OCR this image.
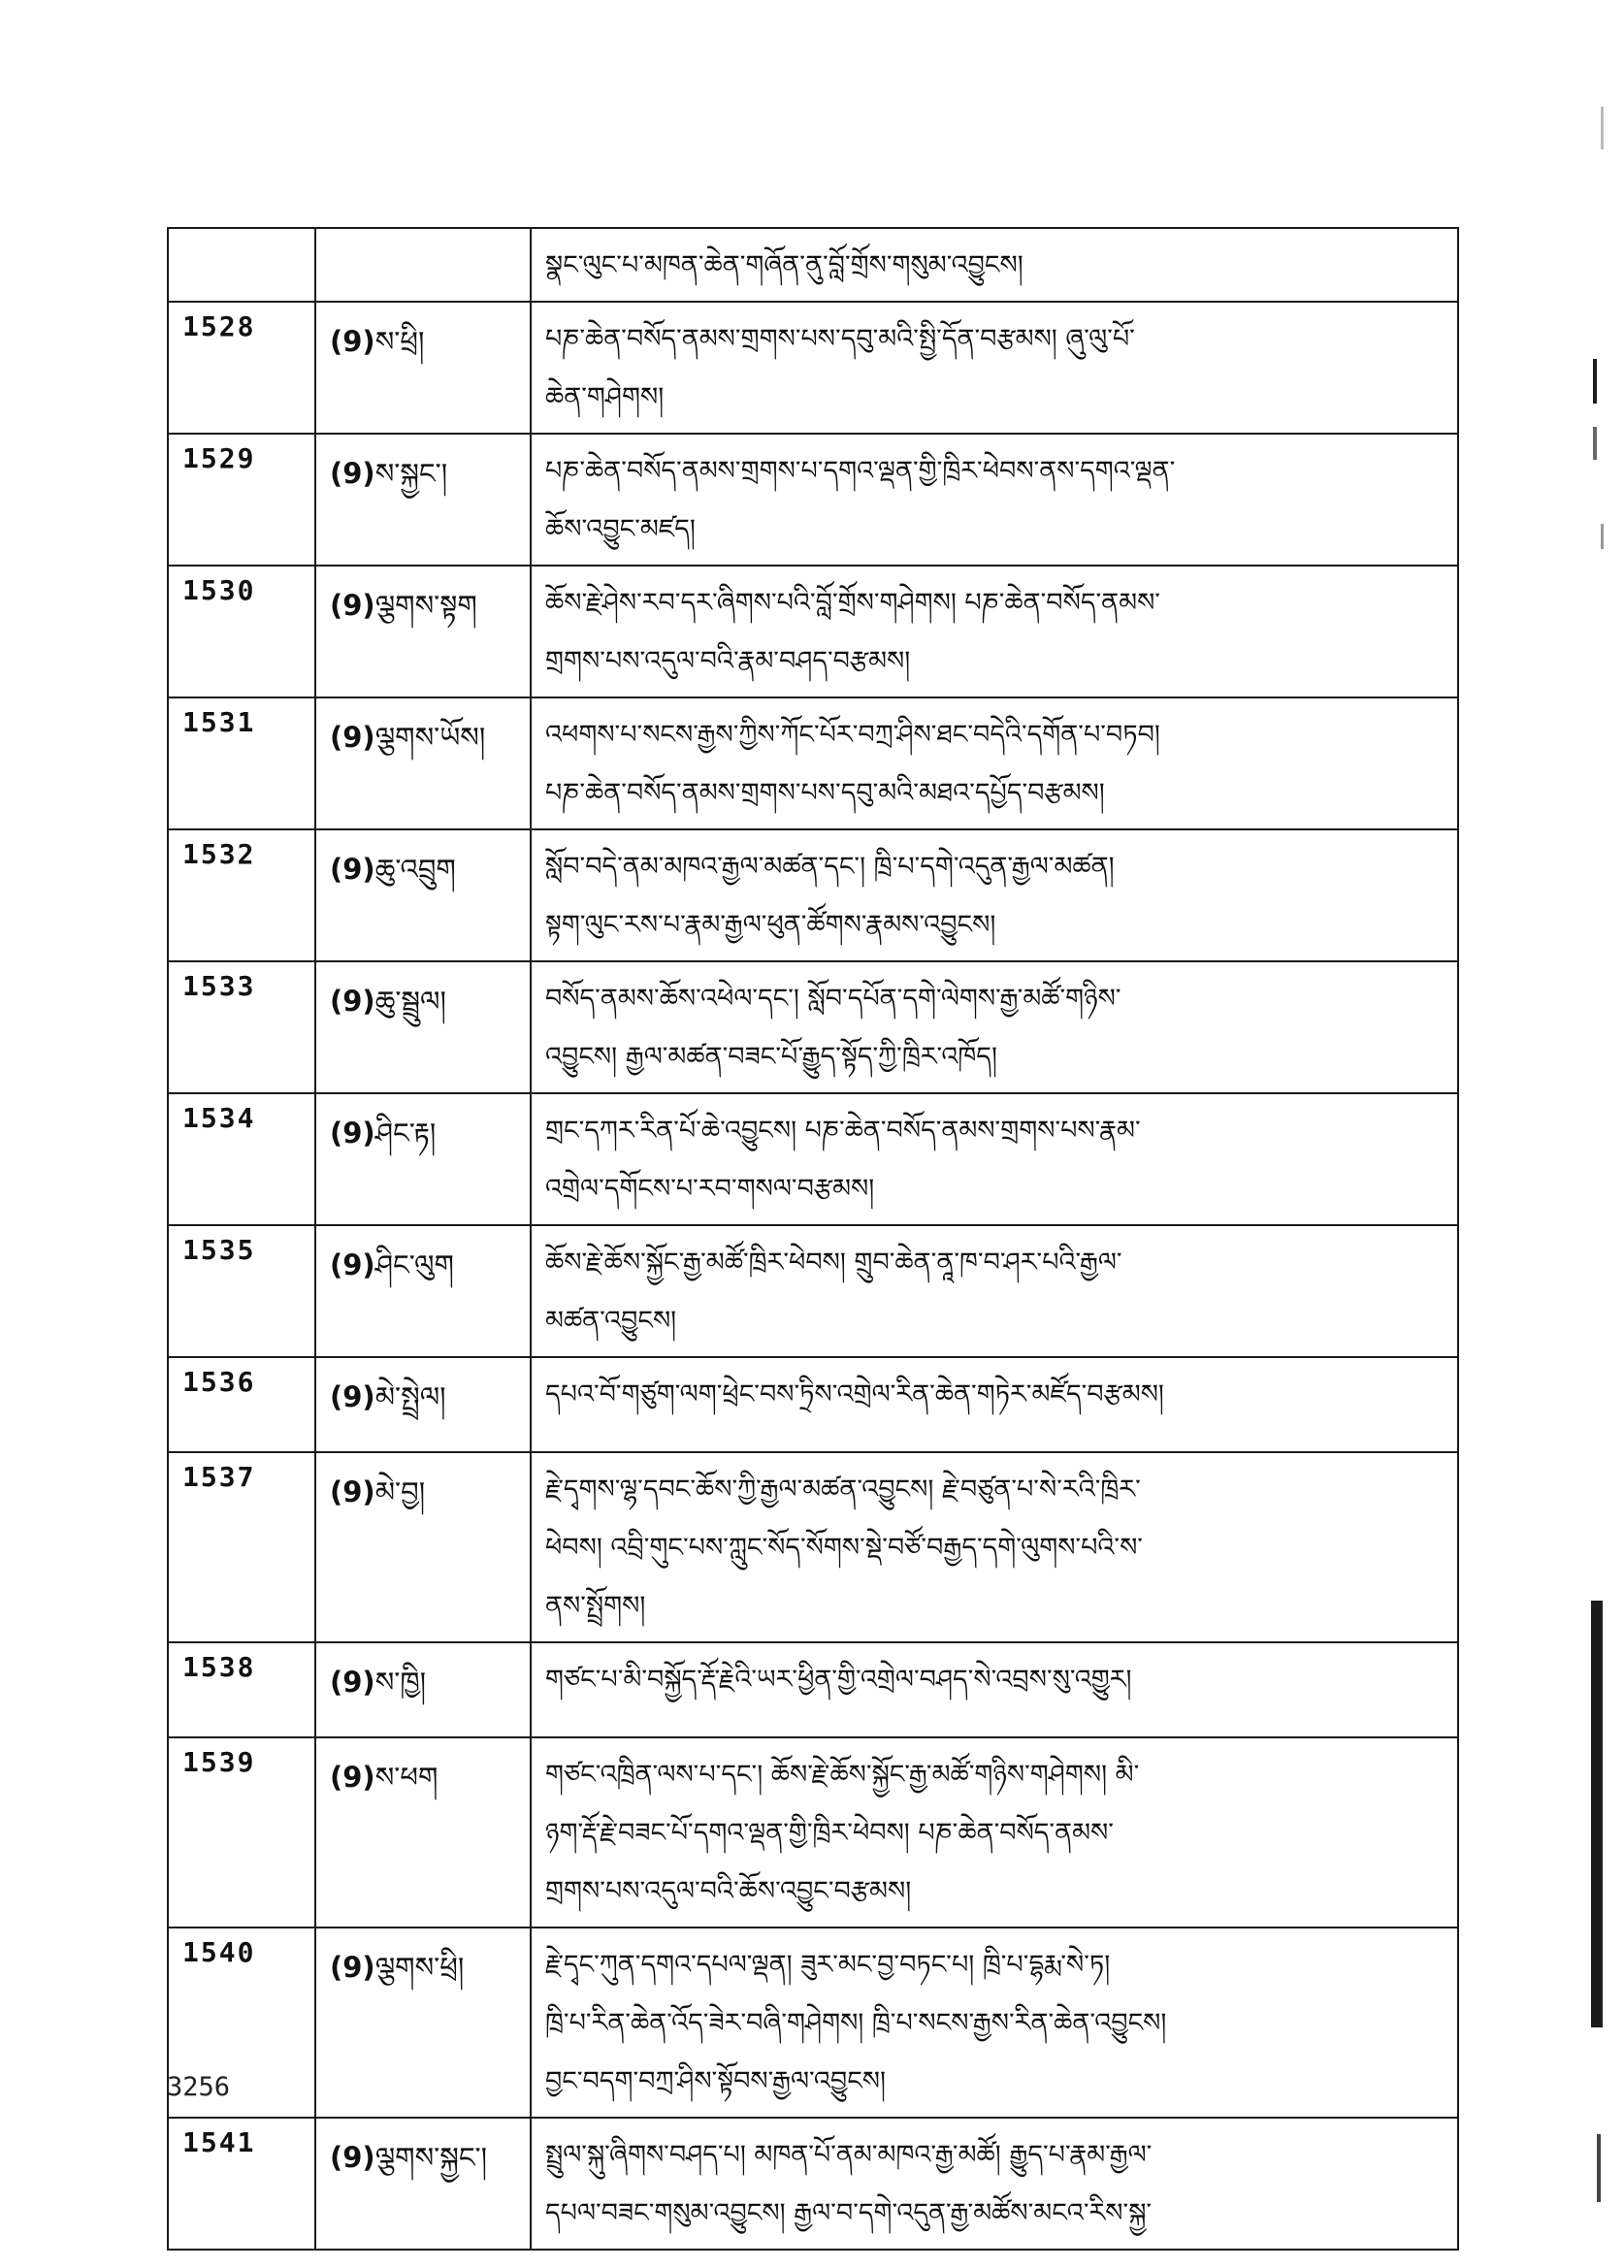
		སྣང་ལུང་པ་མཁན་ཆེན་གཞོན་ནུ་བློ་གྲོས་གསུམ་འབྱུངས།

1528	(9)ས་ཕྲི།	པཎ་ཆེན་བསོད་ནམས་གྲགས་པས་དབུ་མའི་སྤྱི་དོན་བརྩམས། ཞུ་ལུ་པོ་
ཆེན་གཤེགས།

1529	(9)ས་སྐྱང་།	པཎ་ཆེན་བསོད་ནམས་གྲགས་པ་དགའ་ལྡན་གྱི་ཁྲིར་ཕེབས་ནས་དགའ་ལྡན་
ཆོས་འབྱུང་མཛད།

1530	(9)ལྕགས་སྟག	ཆོས་རྗེ་ཤེས་རབ་དར་ཞིགས་པའི་བློ་གྲོས་གཤེགས། པཎ་ཆེན་བསོད་ནམས་
གྲགས་པས་འདུལ་བའི་རྣམ་བཤད་བརྩམས།

1531	(9)ལྕགས་ཡོས།	འཕགས་པ་སངས་རྒྱས་ཀྱིས་ཀོང་པོར་བཀྲ་ཤིས་ཐང་བདེའི་དགོན་པ་བཏབ།
པཎ་ཆེན་བསོད་ནམས་གྲགས་པས་དབུ་མའི་མཐའ་དཔྱོད་བརྩམས།

1532	(9)ཆུ་འབྲུག	སློབ་བདེ་ནམ་མཁའ་རྒྱལ་མཚན་དང་། ཁྲི་པ་དགེ་འདུན་རྒྱལ་མཚན།
སྟག་ལུང་རས་པ་རྣམ་རྒྱལ་ཕུན་ཚོགས་རྣམས་འབྱུངས།

1533	(9)ཆུ་སྦྲུལ།	བསོད་ནམས་ཆོས་འཕེལ་དང་། སློབ་དཔོན་དགེ་ལེགས་རྒྱ་མཚོ་གཉིས་
འབྱུངས། རྒྱལ་མཚན་བཟང་པོ་རྒྱུད་སྟོད་ཀྱི་ཁྲིར་འཁོད།

1534	(9)ཤིང་རྟ།	གྲང་དཀར་རིན་པོ་ཆེ་འབྱུངས། པཎ་ཆེན་བསོད་ནམས་གྲགས་པས་རྣམ་
འགྲེལ་དགོངས་པ་རབ་གསལ་བརྩམས།

1535	(9)ཤིང་ལུག	ཆོས་རྗེ་ཆོས་སྐྱོང་རྒྱ་མཚོ་ཁྲིར་ཕེབས། གྲུབ་ཆེན་ནཱ་ཁ་བ་ཤར་པའི་རྒྱལ་
མཚན་འབྱུངས།

1536	(9)མེ་སྤྲེལ།	དཔའ་བོ་གཙུག་ལག་ཕྲེང་བས་ཏྲིས་འགྲེལ་རིན་ཆེན་གཏེར་མཛོད་བརྩམས།

1537	(9)མེ་བྱ།	རྗེ་དྭགས་ལྷ་དབང་ཆོས་ཀྱི་རྒྱལ་མཚན་འབྱུངས། རྗེ་བཙུན་པ་སེ་རའི་ཁྲིར་
ཕེབས། འབྲི་གུང་པས་ཀླུང་སོད་སོགས་སྡེ་བཙོ་བརྒྱད་དགེ་ལུགས་པའི་ས་
ནས་སྤྲོགས།

1538	(9)ས་ཁྱི།	གཙང་པ་མི་བསྐྱོད་རྡོ་རྗེའི་ཡར་ཕྱིན་གྱི་འགྲེལ་བཤད་སེ་འབྲས་སུ་འགྱུར།

1539	(9)ས་ཕག	གཙང་འཁྲིན་ལས་པ་དང་། ཆོས་རྗེ་ཆོས་སྐྱོང་རྒྱ་མཚོ་གཉིས་གཤེགས། མི་
ཉག་རྡོ་རྗེ་བཟང་པོ་དགའ་ལྡན་གྱི་ཁྲིར་ཕེབས། པཎ་ཆེན་བསོད་ནམས་
གྲགས་པས་འདུལ་བའི་ཆོས་འབྱུང་བརྩམས།

1540	(9)ལྕགས་ཕྲི།	རྗེ་དྭང་ཀུན་དགའ་དཔལ་ལྡན། ཟུར་མང་བྱ་བཏང་པ། ཁྲི་པ་དྷརྨ་སེ་ཏ།
ཁྲི་པ་རིན་ཆེན་འོད་ཟེར་བཞི་གཤེགས། ཁྲི་པ་སངས་རྒྱས་རིན་ཆེན་འབྱུངས།
བྱང་བདག་བཀྲ་ཤིས་སྟོབས་རྒྱལ་འབྱུངས།

1541	(9)ལྕགས་སྐྱང་།	སྤྲུལ་སྐུ་ཞིགས་བཤད་པ། མཁན་པོ་ནམ་མཁའ་རྒྱ་མཚོ། རྒྱུད་པ་རྣམ་རྒྱལ་
དཔལ་བཟང་གསུམ་འབྱུངས། རྒྱལ་བ་དགེ་འདུན་རྒྱ་མཚོས་མངའ་རིས་སྐྱ་
3256
